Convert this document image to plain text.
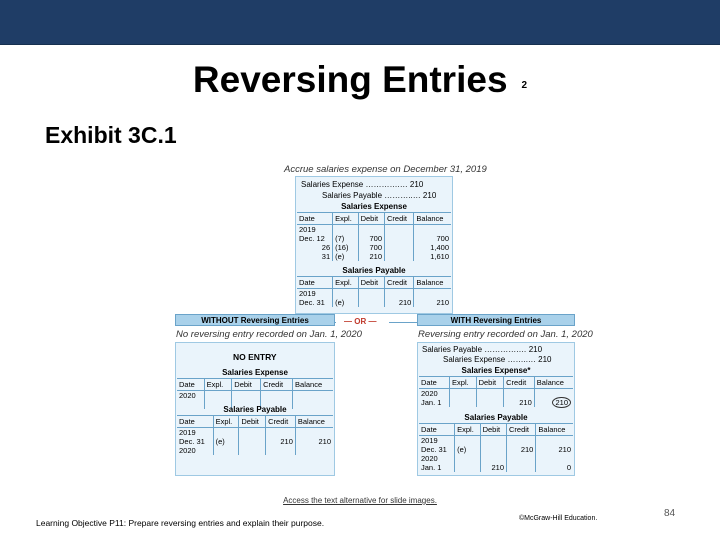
Reversing Entries $_2$
Exhibit 3C.1
Accrue salaries expense on December 31, 2019
Salaries Expense ………….… 210
Salaries Payable ………..… 210
Salaries Expense
Date	Expl.	Debit	Credit	Balance
2019				
Dec. 12	(7)	700		700
26	(16)	700		1,400
31	(e)	210		1,610
Salaries Payable
Date	Expl.	Debit	Credit	Balance
2019				
Dec. 31	(e)		210	210
— OR —
WITHOUT Reversing Entries
No reversing entry recorded on Jan. 1, 2020
NO ENTRY
Salaries Expense
Date	Expl.	Debit	Credit	Balance
2020				

Salaries Payable
Date	Expl.	Debit	Credit	Balance
2019				
Dec. 31	(e)		210	210
2020				
WITH Reversing Entries
Reversing entry recorded on Jan. 1, 2020
Salaries Payable ………….… 210
Salaries Expense ……..… 210
Salaries Expense*
Date	Expl.	Debit	Credit	Balance
2020				
Jan. 1			210	210
Salaries Payable
Date	Expl.	Debit	Credit	Balance
2019				
Dec. 31	(e)		210	210
2020				
Jan. 1		210		0
Access the text alternative for slide images.
Learning Objective P11: Prepare reversing entries and explain their purpose.	©McGraw-Hill Education.	84
